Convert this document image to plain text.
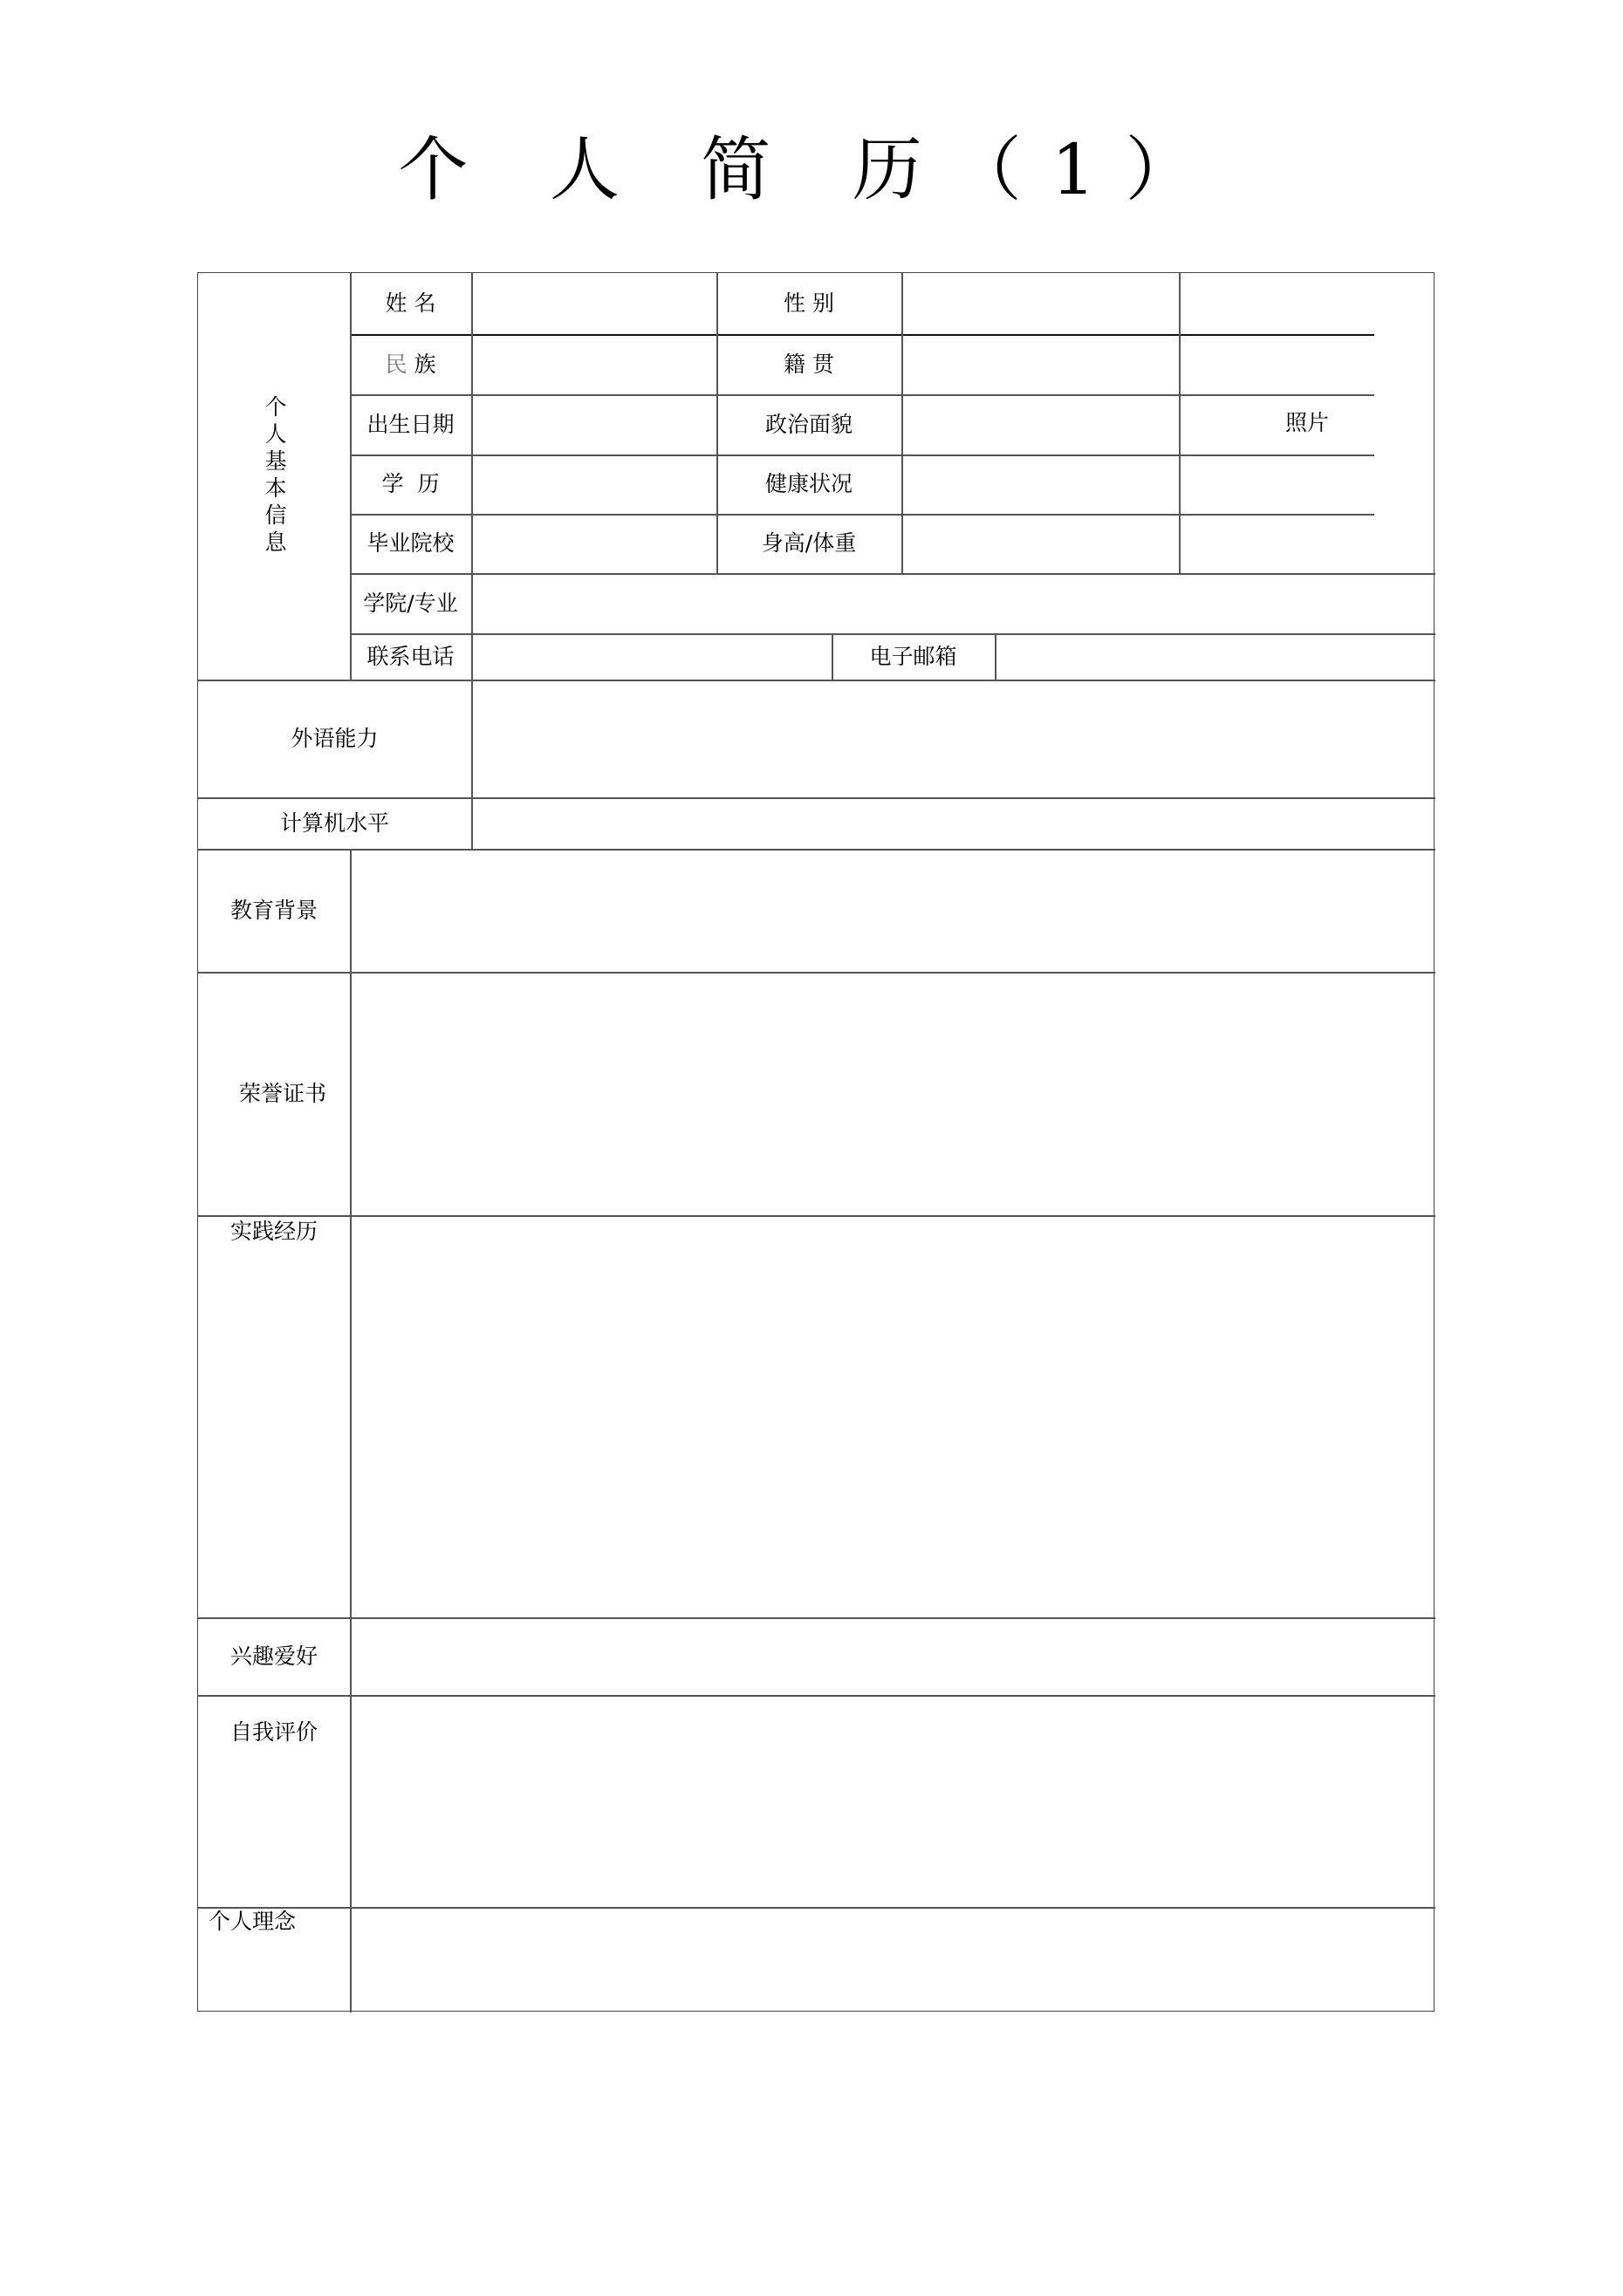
个 人 简 历（1）
个人基本信息
姓 名	性 别
民 族	籍 贯
出生日期	政治面貌
学  历	健康状况
毕业院校	身高/体重
照片
学院/专业
联系电话	电子邮箱
外语能力
计算机水平
教育背景
荣誉证书
实践经历
兴趣爱好
自我评价
个人理念
